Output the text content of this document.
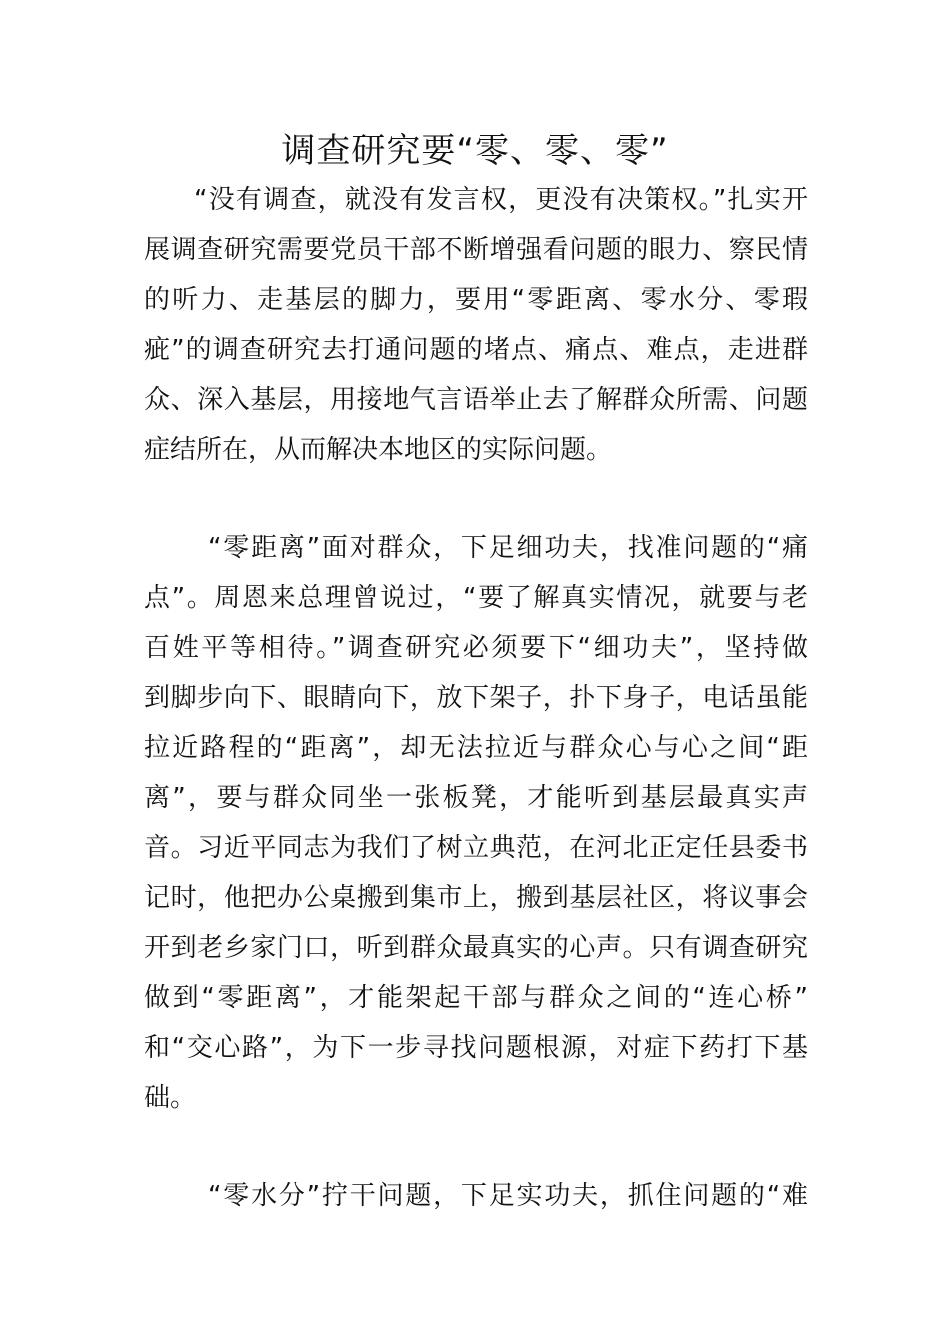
调查研究要“零、零、零”

“没有调查，就没有发言权，更没有决策权。”扎实开

展调查研究需要党员干部不断增强看问题的眼力、察民情

的听力、走基层的脚力，要用“零距离、零水分、零瑕

疵”的调查研究去打通问题的堵点、痛点、难点，走进群

众、深入基层，用接地气言语举止去了解群众所需、问题

症结所在，从而解决本地区的实际问题。

“零距离”面对群众，下足细功夫，找准问题的“痛

点”。周恩来总理曾说过，“要了解真实情况，就要与老

百姓平等相待。”调查研究必须要下“细功夫”，坚持做

到脚步向下、眼睛向下，放下架子，扑下身子，电话虽能

拉近路程的“距离”，却无法拉近与群众心与心之间“距

离”，要与群众同坐一张板凳，才能听到基层最真实声

音。习近平同志为我们了树立典范，在河北正定任县委书

记时，他把办公桌搬到集市上，搬到基层社区，将议事会

开到老乡家门口，听到群众最真实的心声。只有调查研究

做到“零距离”，才能架起干部与群众之间的“连心桥”

和“交心路”，为下一步寻找问题根源，对症下药打下基

础。

“零水分”拧干问题，下足实功夫，抓住问题的“难
